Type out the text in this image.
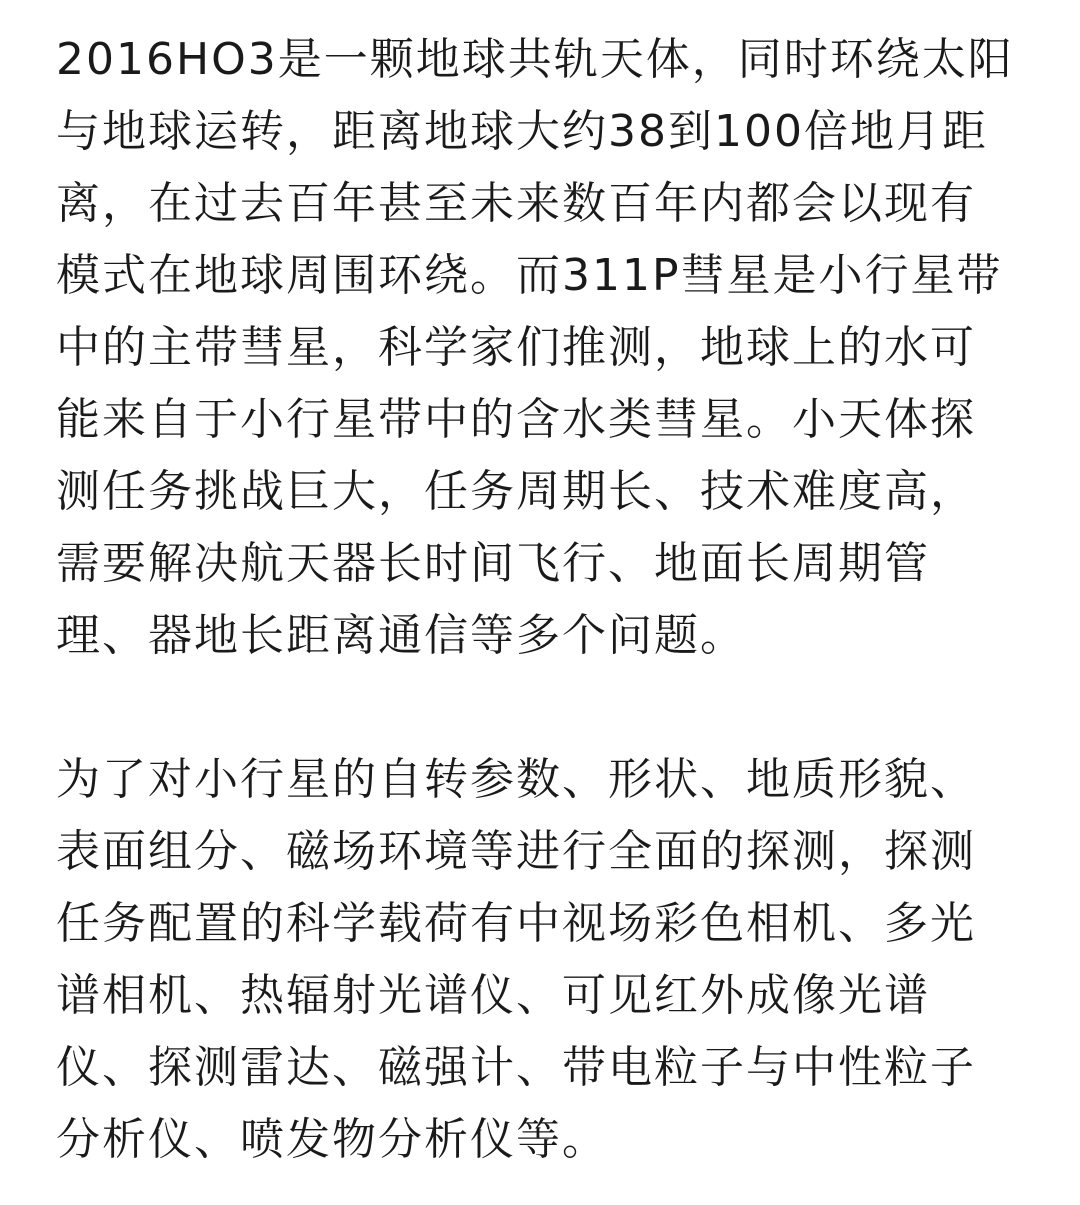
2016HO3是一颗地球共轨天体，同时环绕太阳
与地球运转，距离地球大约38到100倍地月距
离，在过去百年甚至未来数百年内都会以现有
模式在地球周围环绕。而311P彗星是小行星带
中的主带彗星，科学家们推测，地球上的水可
能来自于小行星带中的含水类彗星。小天体探
测任务挑战巨大，任务周期长、技术难度高，
需要解决航天器长时间飞行、地面长周期管
理、器地长距离通信等多个问题。

为了对小行星的自转参数、形状、地质形貌、
表面组分、磁场环境等进行全面的探测，探测
任务配置的科学载荷有中视场彩色相机、多光
谱相机、热辐射光谱仪、可见红外成像光谱
仪、探测雷达、磁强计、带电粒子与中性粒子
分析仪、喷发物分析仪等。
